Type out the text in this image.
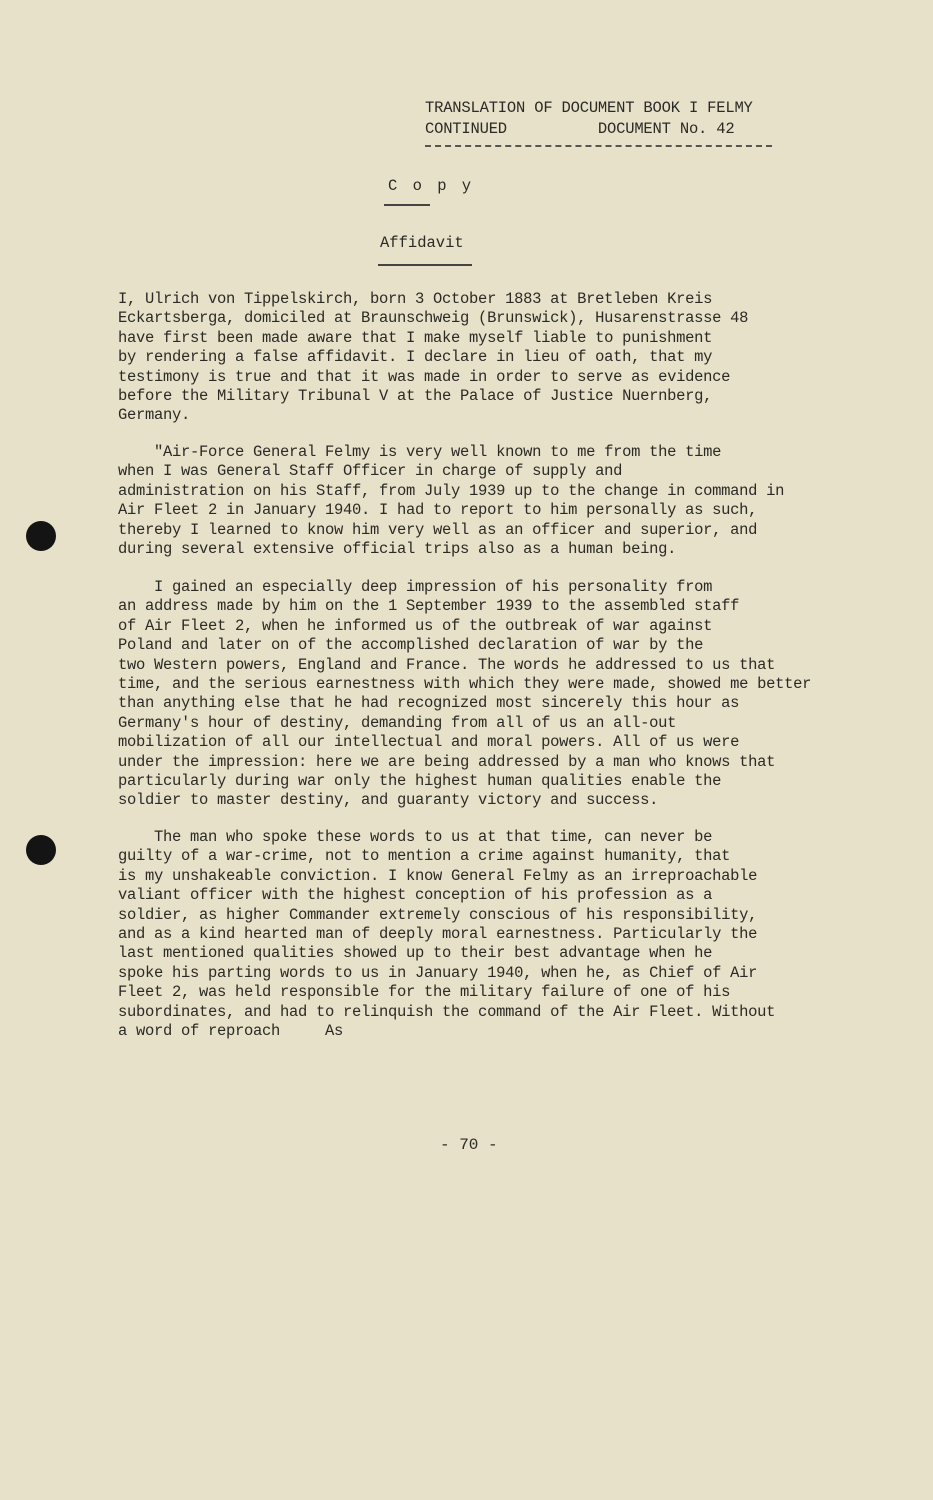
TRANSLATION OF DOCUMENT BOOK I FELMY
CONTINUED          DOCUMENT No. 42
C o p y
Affidavit
I, Ulrich von Tippelskirch, born 3 October 1883 at Bretleben Kreis
Eckartsberga, domiciled at Braunschweig (Brunswick), Husarenstrasse 48
have first been made aware that I make myself liable to punishment
by rendering a false affidavit. I declare in lieu of oath, that my
testimony is true and that it was made in order to serve as evidence
before the Military Tribunal V at the Palace of Justice Nuernberg,
Germany.
"Air-Force General Felmy is very well known to me from the time
when I was General Staff Officer in charge of supply and
administration on his Staff, from July 1939 up to the change in command in
Air Fleet 2 in January 1940. I had to report to him personally as such,
thereby I learned to know him very well as an officer and superior, and
during several extensive official trips also as a human being.
I gained an especially deep impression of his personality from
an address made by him on the 1 September 1939 to the assembled staff
of Air Fleet 2, when he informed us of the outbreak of war against
Poland and later on of the accomplished declaration of war by the
two Western powers, England and France. The words he addressed to us that
time, and the serious earnestness with which they were made, showed me better
than anything else that he had recognized most sincerely this hour as
Germany's hour of destiny, demanding from all of us an all-out
mobilization of all our intellectual and moral powers. All of us were
under the impression: here we are being addressed by a man who knows that
particularly during war only the highest human qualities enable the
soldier to master destiny, and guaranty victory and success.
The man who spoke these words to us at that time, can never be
guilty of a war-crime, not to mention a crime against humanity, that
is my unshakeable conviction. I know General Felmy as an irreproachable
valiant officer with the highest conception of his profession as a
soldier, as higher Commander extremely conscious of his responsibility,
and as a kind hearted man of deeply moral earnestness. Particularly the
last mentioned qualities showed up to their best advantage when he
spoke his parting words to us in January 1940, when he, as Chief of Air
Fleet 2, was held responsible for the military failure of one of his
subordinates, and had to relinquish the command of the Air Fleet. Without
a word of reproach     As
- 70 -
